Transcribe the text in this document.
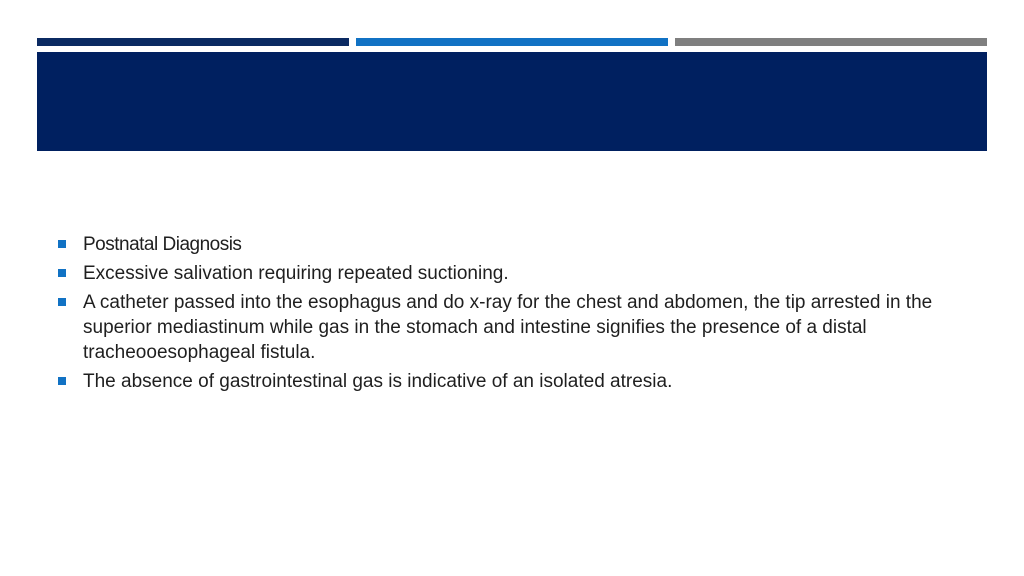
Postnatal Diagnosis
Excessive salivation requiring repeated suctioning.
A catheter passed into the esophagus and do x-ray for the chest and abdomen, the tip arrested in the superior mediastinum while gas in the stomach and intestine signifies the presence of a distal tracheooesophageal fistula.
The absence of gastrointestinal gas is indicative of an isolated atresia.
